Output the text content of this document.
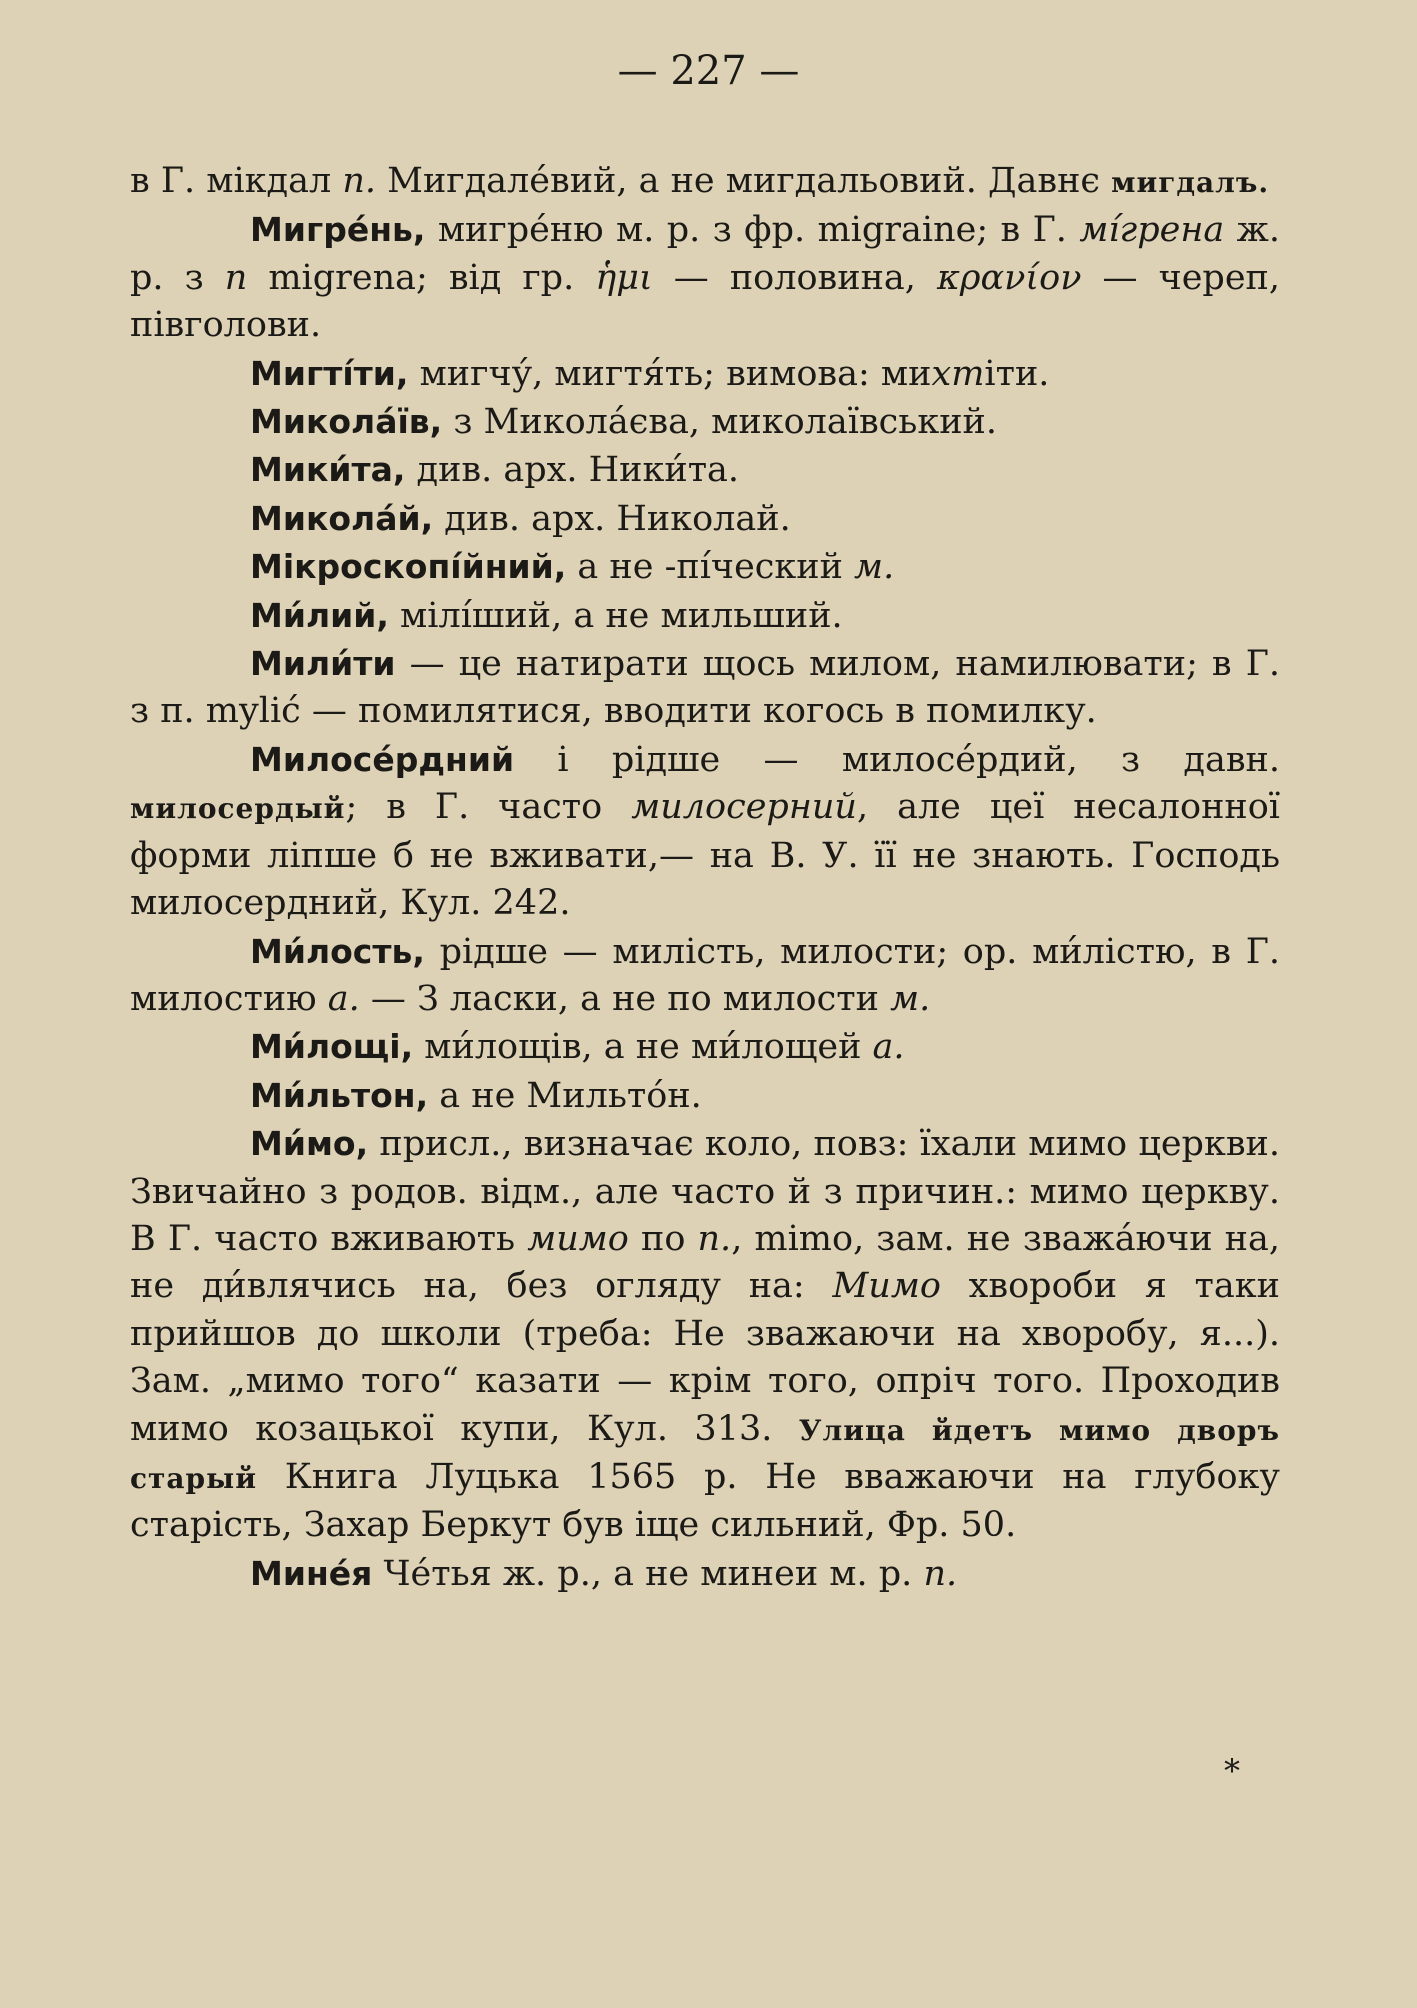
— 227 —

в Г. мікдал п. Мигдале́вий, а не мигдальовий. Давнє мигдалъ.

Мигре́нь, мигре́ню м. р. з фр. migraine; в Г. мі́грена ж. р. з п migrena; від гр. ἡμι — половина, κρανίον — череп, півголови.

Мигті́ти, мигчу́, мигтя́ть; вимова: михтіти.

Микола́їв, з Микола́єва, миколаївський.

Мики́та, див. арх. Ники́та.

Микола́й, див. арх. Николай.

Мікроскопі́йний, а не -пі́ческий м.

Ми́лий, мілі́ший, а не мильший.

Мили́ти — це натирати щось милом, намилювати; в Г. з п. mylić — помилятися, вводити когось в помилку.

Милосе́рдний і рідше — милосе́рдий, з давн. милосердый; в Г. часто милосерний, але цеї несалонної форми ліпше б не вживати,— на В. У. її не знають. Господь милосердний, Кул. 242.

Ми́лость, рідше — милість, милости; ор. ми́лістю, в Г. милостию а. — З ласки, а не по милости м.

Ми́лощі, ми́лощів, а не ми́лощей а.

Ми́льтон, а не Мильто́н.

Ми́мо, присл., визначає коло, повз: їхали мимо церкви. Звичайно з родов. відм., але часто й з причин.: мимо церкву. В Г. часто вживають мимо по п., mimo, зам. не зважа́ючи на, не ди́влячись на, без огляду на: Мимо хвороби я таки прийшов до школи (треба: Не зважаючи на хворобу, я...). Зам. „мимо того“ казати — крім того, опріч того. Проходив мимо козацької купи, Кул. 313. Улица йдетъ мимо дворъ старый Книга Луцька 1565 р. Не вважаючи на глубоку старість, Захар Беркут був іще сильний, Фр. 50.

Мине́я Че́тья ж. р., а не минеи м. р. п.

*
